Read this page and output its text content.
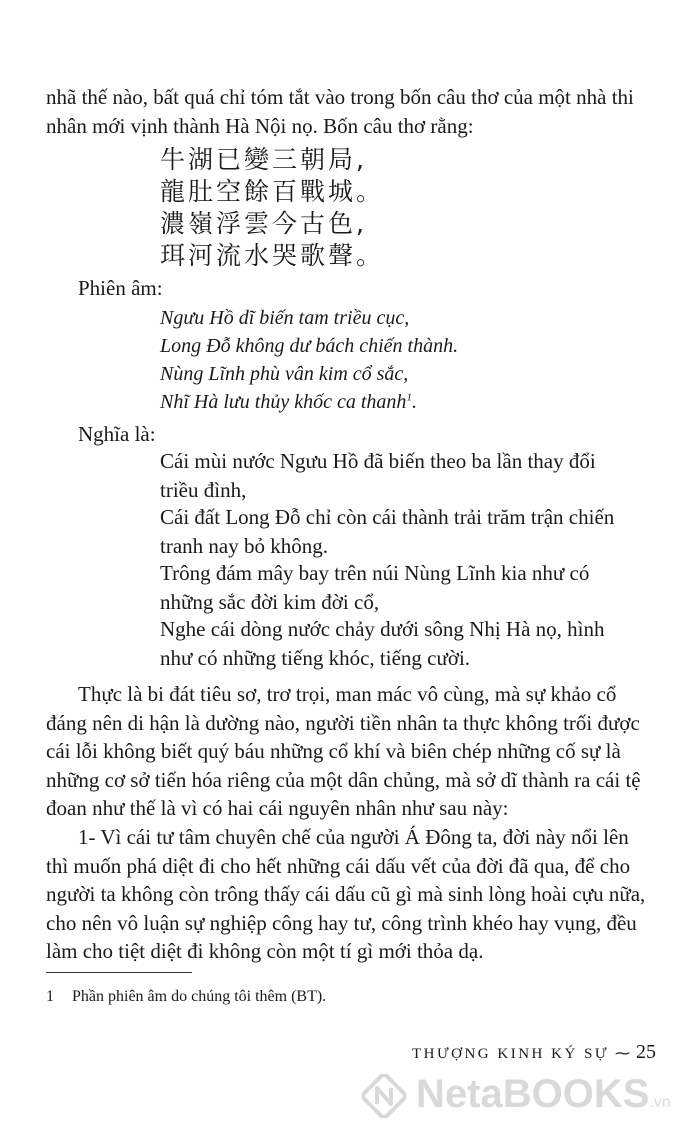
nhã thế nào, bất quá chỉ tóm tắt vào trong bốn câu thơ của một nhà thi
nhân mới vịnh thành Hà Nội nọ. Bốn câu thơ rằng:
牛湖已變三朝局,
龍肚空餘百戰城。
濃嶺浮雲今古色,
珥河流水哭歌聲。
Phiên âm:
Ngưu Hồ dĩ biến tam triều cục,
Long Đỗ không dư bách chiến thành.
Nùng Lĩnh phù vân kim cổ sắc,
Nhĩ Hà lưu thủy khốc ca thanh$^1$.
Nghĩa là:
Cái mùi nước Ngưu Hồ đã biến theo ba lần thay đổi
triều đình,
Cái đất Long Đỗ chỉ còn cái thành trải trăm trận chiến
tranh nay bỏ không.
Trông đám mây bay trên núi Nùng Lĩnh kia như có
những sắc đời kim đời cổ,
Nghe cái dòng nước chảy dưới sông Nhị Hà nọ, hình
như có những tiếng khóc, tiếng cười.
Thực là bi đát tiêu sơ, trơ trọi, man mác vô cùng, mà sự khảo cổ
đáng nên di hận là dường nào, người tiền nhân ta thực không trối được
cái lỗi không biết quý báu những cổ khí và biên chép những cố sự là
những cơ sở tiến hóa riêng của một dân chủng, mà sở dĩ thành ra cái tệ
đoan như thế là vì có hai cái nguyên nhân như sau này:
1- Vì cái tư tâm chuyên chế của người Á Đông ta, đời này nổi lên
thì muốn phá diệt đi cho hết những cái dấu vết của đời đã qua, để cho
người ta không còn trông thấy cái dấu cũ gì mà sinh lòng hoài cựu nữa,
cho nên vô luận sự nghiệp công hay tư, công trình khéo hay vụng, đều
làm cho tiệt diệt đi không còn một tí gì mới thỏa dạ.
1 Phần phiên âm do chúng tôi thêm (BT).
THƯỢNG KINH KÝ SỰ ⁓ 25
NetaBOOKS.vn
